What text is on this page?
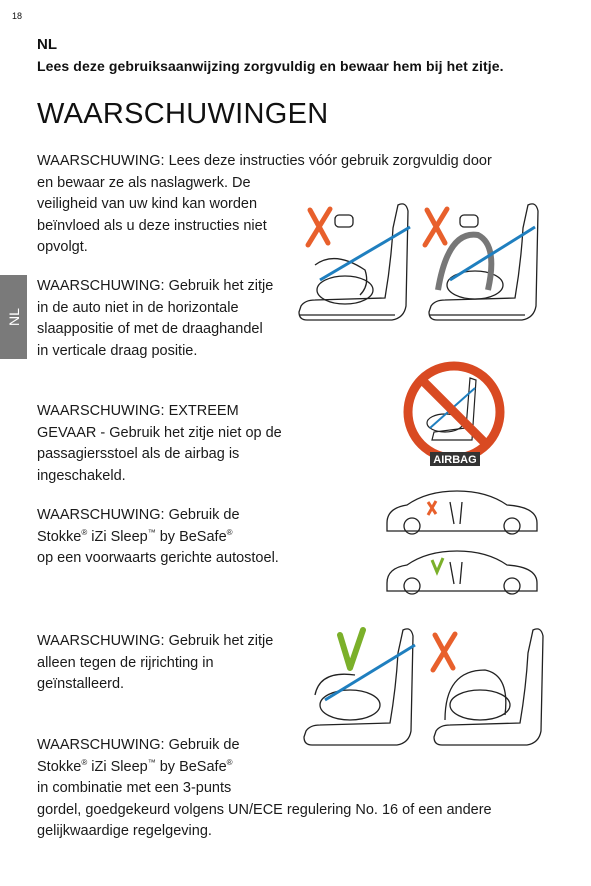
18
NL
Lees deze gebruiksaanwijzing zorgvuldig en bewaar hem bij het zitje.
NL
WAARSCHUWINGEN
WAARSCHUWING: Lees deze instructies vóór gebruik zorgvuldig door
en bewaar ze als naslagwerk. De veiligheid van uw kind kan worden beïnvloed als u deze instructies niet opvolgt.
WAARSCHUWING: Gebruik het zitje in de auto niet in de horizontale slaappositie of met de draaghandel in verticale draag positie.
WAARSCHUWING: EXTREEM GEVAAR - Gebruik het zitje niet op de passagiersstoel als de airbag is ingeschakeld.
WAARSCHUWING: Gebruik de Stokke® iZi Sleep™ by BeSafe®
op een voorwaarts gerichte autostoel.
WAARSCHUWING: Gebruik het zitje alleen tegen de rijrichting in geïnstalleerd.
WAARSCHUWING: Gebruik de Stokke® iZi Sleep™ by BeSafe®
in combinatie met een 3-punts
gordel, goedgekeurd volgens UN/ECE regulering No. 16 of een andere gelijkwaardige regelgeving.
AIRBAG
